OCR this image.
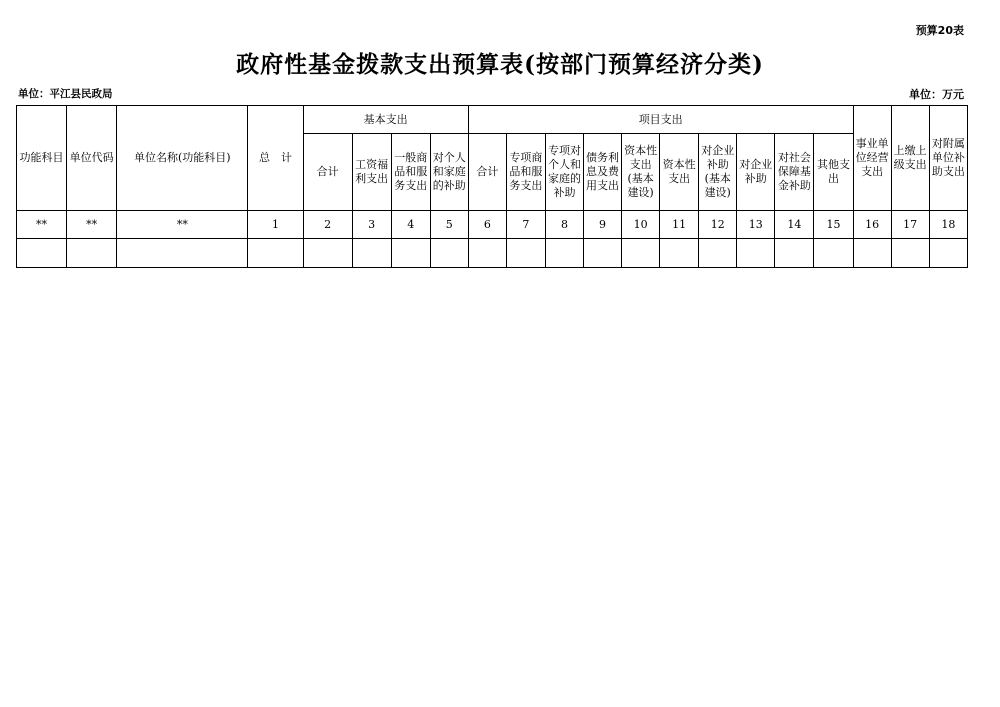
预算20表
政府性基金拨款支出预算表(按部门预算经济分类)
单位：平江县民政局	单位：万元
功能科目	单位代码	单位名称(功能科目)	总　计	基本支出				项目支出										事业单位经营支出	上缴上级支出	对附属单位补助支出
				合计	工资福利支出	一般商品和服务支出	对个人和家庭的补助	合计	专项商品和服务支出	专项对个人和家庭的补助	债务利息及费用支出	资本性支出(基本建设)	资本性支出	对企业补助(基本建设)	对企业补助	对社会保障基金补助	其他支出			
**	**	**	1	2	3	4	5	6	7	8	9	10	11	12	13	14	15	16	17	18
